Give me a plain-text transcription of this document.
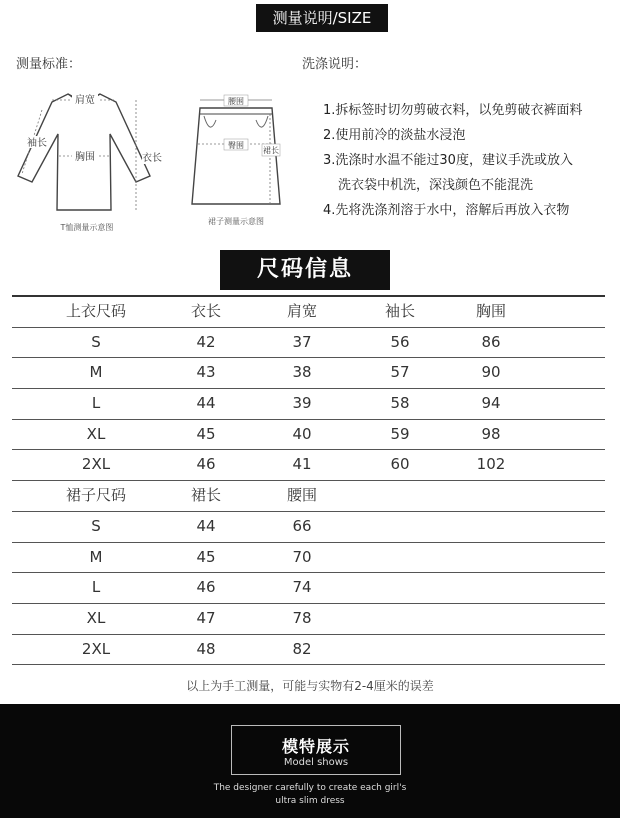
测量说明/SIZE
测量标准：	洗涤说明：
肩宽
胸围	衣长
袖长
T恤测量示意图
腰围
臀围
裙长
裙子测量示意图
1.拆标签时切勿剪破衣料，以免剪破衣裤面料
2.使用前冷的淡盐水浸泡
3.洗涤时水温不能过30度，建议手洗或放入
洗衣袋中机洗，深浅颜色不能混洗
4.先将洗涤剂溶于水中，溶解后再放入衣物
尺码信息
上衣尺码	衣长	肩宽	袖长	胸围
S	42	37	56	86
M	43	38	57	90
L	44	39	58	94
XL	45	40	59	98
2XL	46	41	60	102
裙子尺码	裙长	腰围
S	44	66
M	45	70
L	46	74
XL	47	78
2XL	48	82
以上为手工测量，可能与实物有2-4厘米的误差
模特展示
Model shows
The designer carefully to create each girl's
ultra slim dress
